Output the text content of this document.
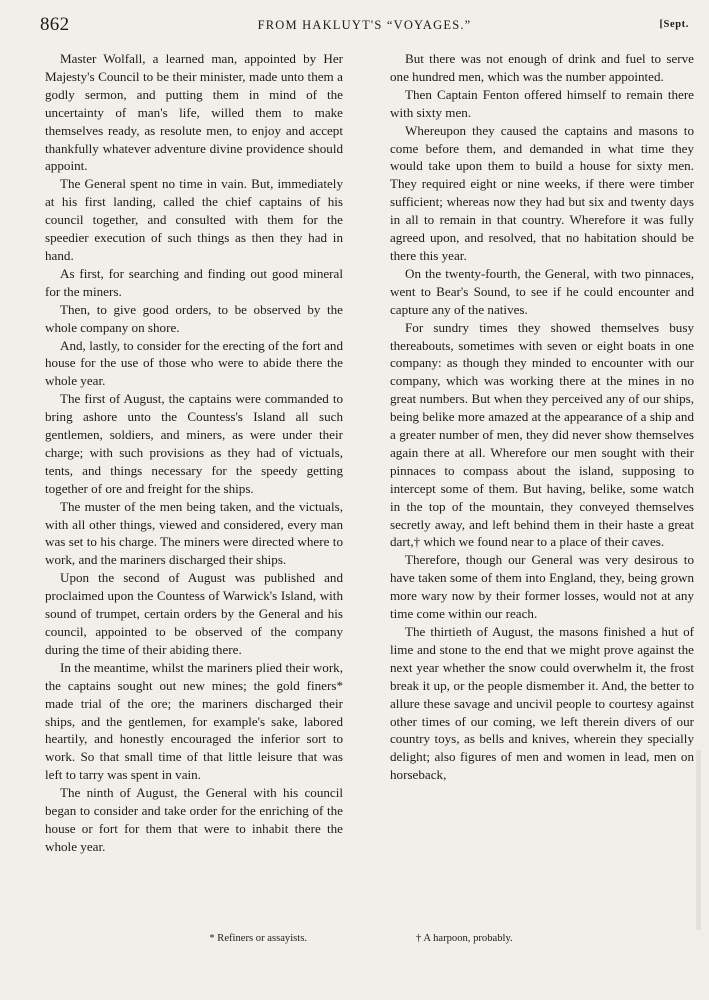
862	FROM HAKLUYT'S “VOYAGES.”	[Sept.

Master Wolfall, a learned man, appointed by Her Majesty's Council to be their minister, made unto them a godly sermon, and putting them in mind of the uncertainty of man's life, willed them to make themselves ready, as resolute men, to enjoy and accept thankfully whatever adventure divine providence should appoint.

The General spent no time in vain. But, immediately at his first landing, called the chief captains of his council together, and consulted with them for the speedier execution of such things as then they had in hand.

As first, for searching and finding out good mineral for the miners.

Then, to give good orders, to be observed by the whole company on shore.

And, lastly, to consider for the erecting of the fort and house for the use of those who were to abide there the whole year.

The first of August, the captains were commanded to bring ashore unto the Countess's Island all such gentlemen, soldiers, and miners, as were under their charge; with such provisions as they had of victuals, tents, and things necessary for the speedy getting together of ore and freight for the ships.

The muster of the men being taken, and the victuals, with all other things, viewed and considered, every man was set to his charge. The miners were directed where to work, and the mariners discharged their ships.

Upon the second of August was published and proclaimed upon the Countess of Warwick's Island, with sound of trumpet, certain orders by the General and his council, appointed to be observed of the company during the time of their abiding there.

In the meantime, whilst the mariners plied their work, the captains sought out new mines; the gold finers* made trial of the ore; the mariners discharged their ships, and the gentlemen, for example's sake, labored heartily, and honestly encouraged the inferior sort to work. So that small time of that little leisure that was left to tarry was spent in vain.

The ninth of August, the General with his council began to consider and take order for the enriching of the house or fort for them that were to inhabit there the whole year.

But there was not enough of drink and fuel to serve one hundred men, which was the number appointed.

Then Captain Fenton offered himself to remain there with sixty men.

Whereupon they caused the captains and masons to come before them, and demanded in what time they would take upon them to build a house for sixty men. They required eight or nine weeks, if there were timber sufficient; whereas now they had but six and twenty days in all to remain in that country. Wherefore it was fully agreed upon, and resolved, that no habitation should be there this year.

On the twenty-fourth, the General, with two pinnaces, went to Bear's Sound, to see if he could encounter and capture any of the natives.

For sundry times they showed themselves busy thereabouts, sometimes with seven or eight boats in one company: as though they minded to encounter with our company, which was working there at the mines in no great numbers. But when they perceived any of our ships, being belike more amazed at the appearance of a ship and a greater number of men, they did never show themselves again there at all. Wherefore our men sought with their pinnaces to compass about the island, supposing to intercept some of them. But having, belike, some watch in the top of the mountain, they conveyed themselves secretly away, and left behind them in their haste a great dart,† which we found near to a place of their caves.

Therefore, though our General was very desirous to have taken some of them into England, they, being grown more wary now by their former losses, would not at any time come within our reach.

The thirtieth of August, the masons finished a hut of lime and stone to the end that we might prove against the next year whether the snow could overwhelm it, the frost break it up, or the people dismember it. And, the better to allure these savage and uncivil people to courtesy against other times of our coming, we left therein divers of our country toys, as bells and knives, wherein they specially delight; also figures of men and women in lead, men on horseback,

* Refiners or assayists.	† A harpoon, probably.
